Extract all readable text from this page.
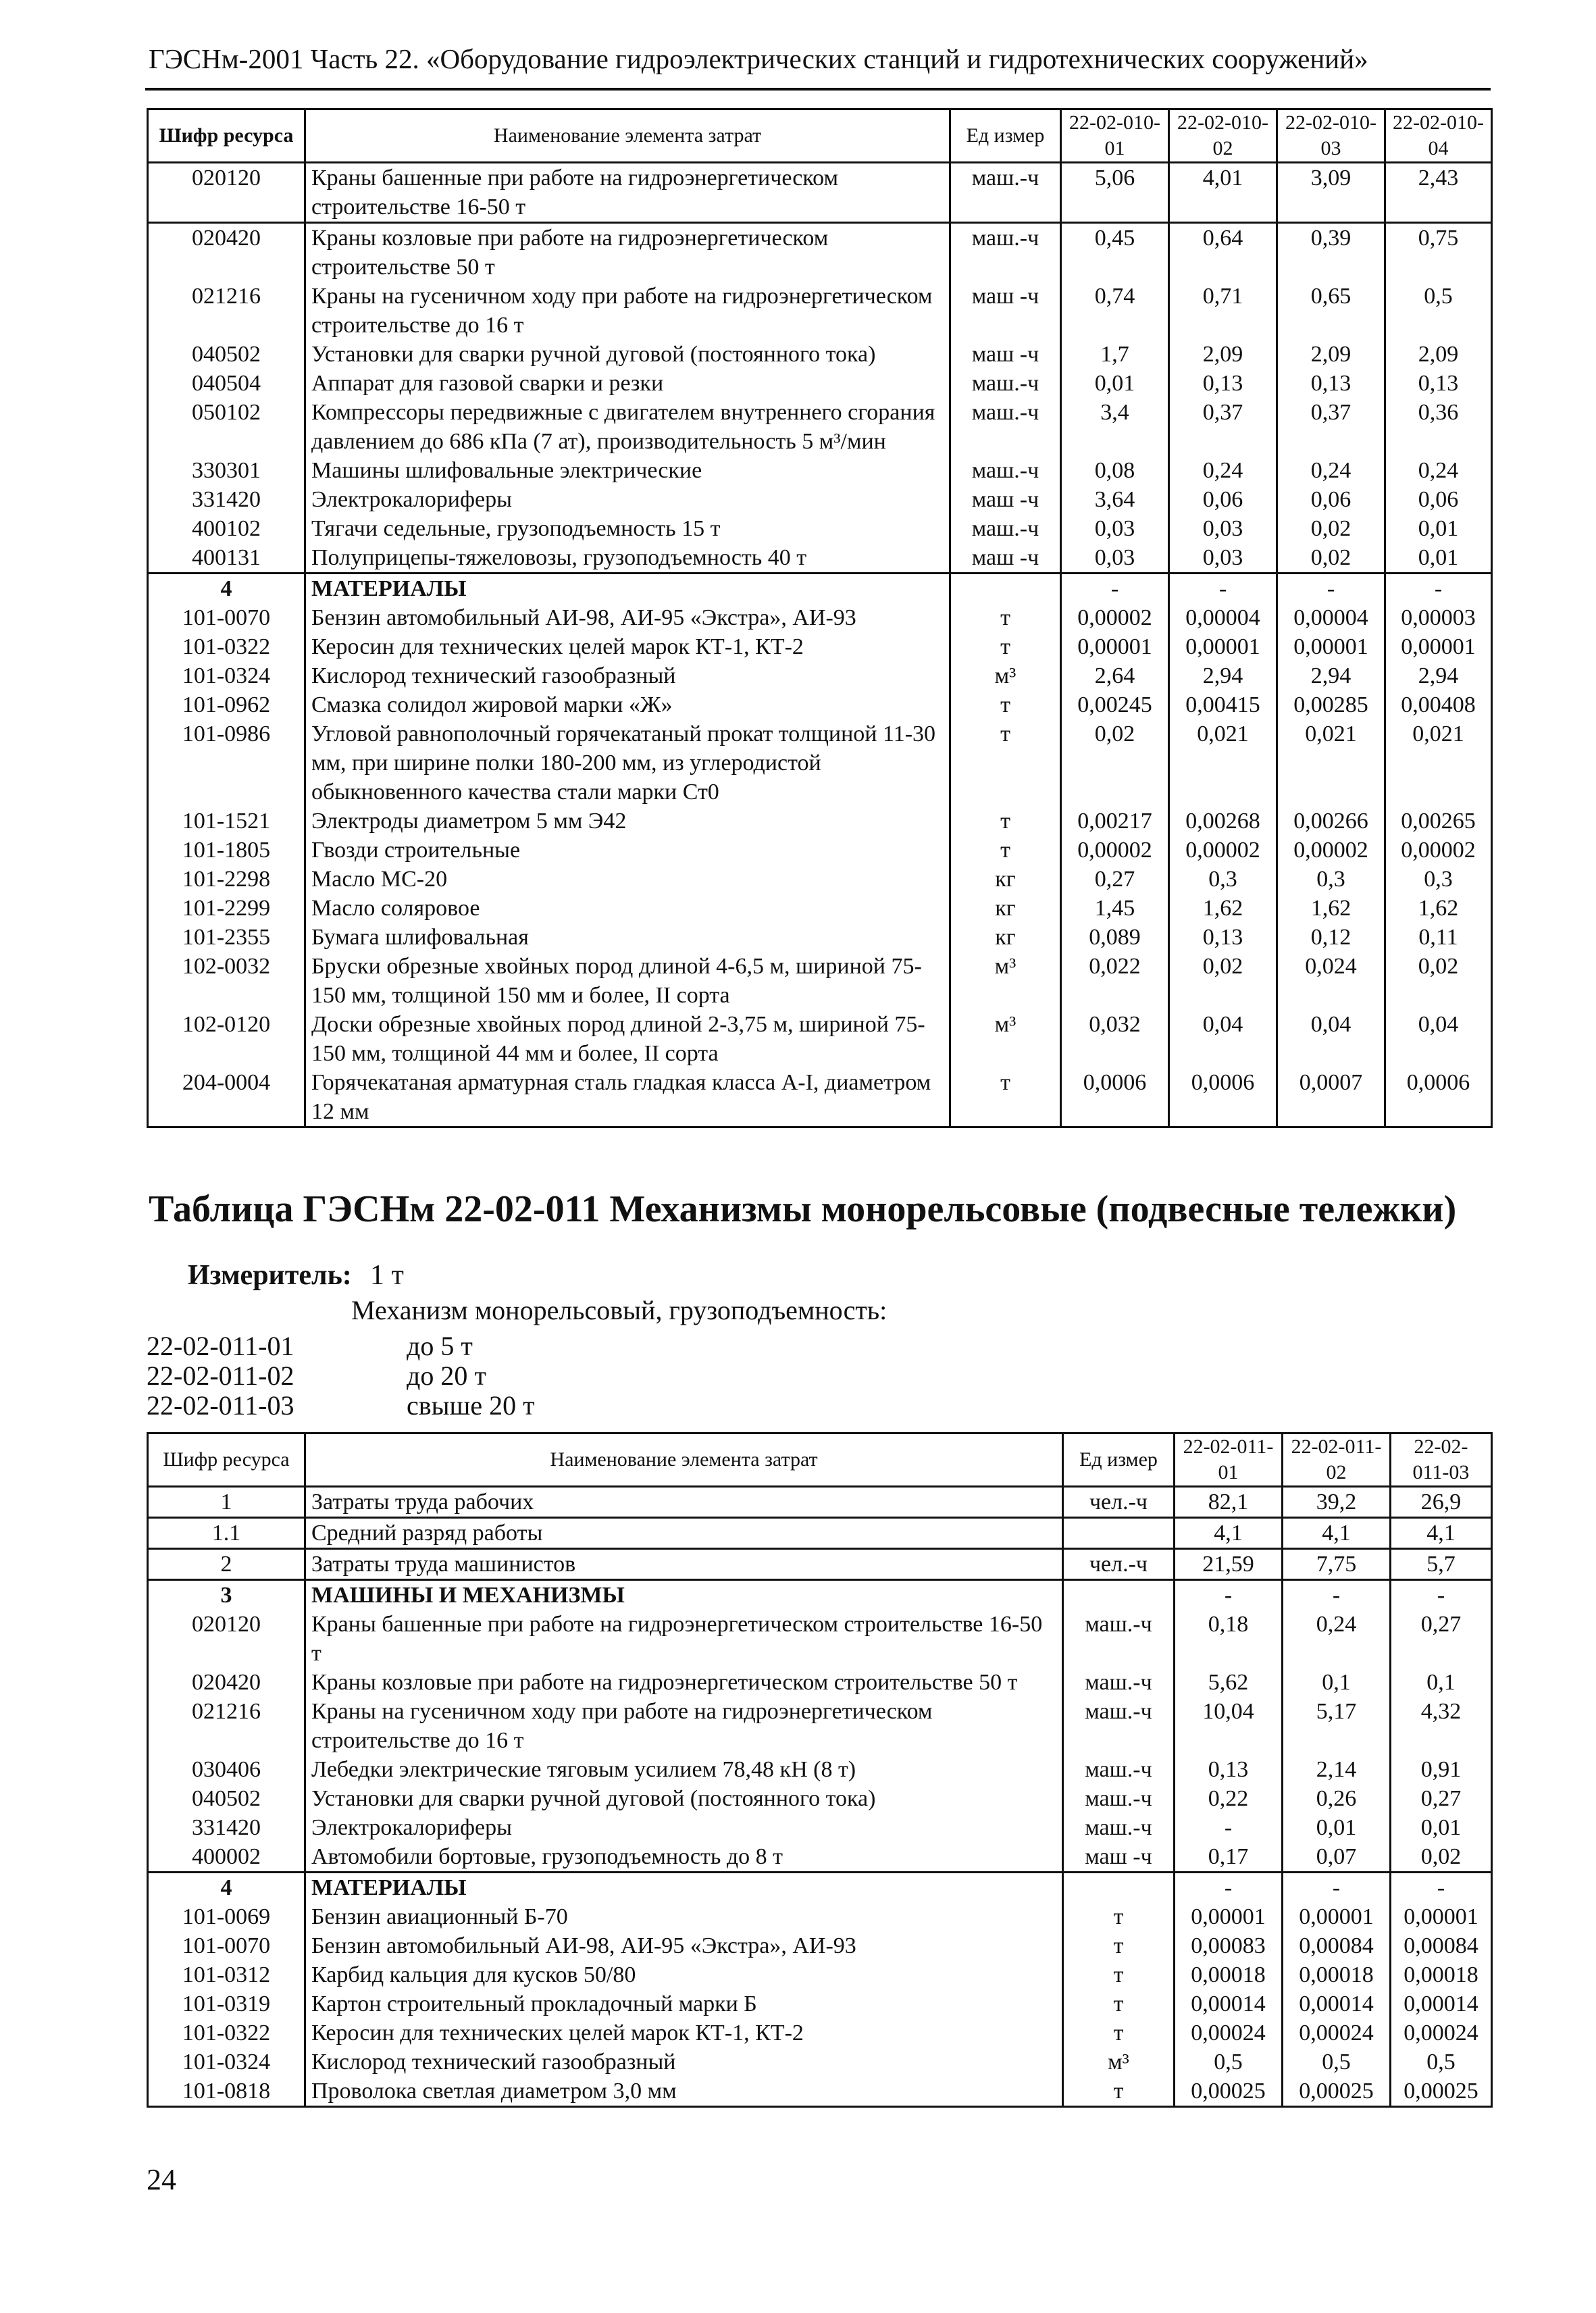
ГЭСНм-2001 Часть 22. «Оборудование гидроэлектрических станций и гидротехнических сооружений»
Шифр ресурса	Наименование элемента затрат	Ед измер	22-02-010-01	22-02-010-02	22-02-010-03	22-02-010-04
020120	Краны башенные при работе на гидроэнергетическом строительстве 16-50 т	маш.-ч	5,06	4,01	3,09	2,43
020420	Краны козловые при работе на гидроэнергетическом строительстве 50 т	маш.-ч	0,45	0,64	0,39	0,75
021216	Краны на гусеничном ходу при работе на гидроэнергетическом строительстве до 16 т	маш -ч	0,74	0,71	0,65	0,5
040502	Установки для сварки ручной дуговой (постоянного тока)	маш -ч	1,7	2,09	2,09	2,09
040504	Аппарат для газовой сварки и резки	маш.-ч	0,01	0,13	0,13	0,13
050102	Компрессоры передвижные с двигателем внутреннего сгорания давлением до 686 кПа (7 ат), производительность 5 м³/мин	маш.-ч	3,4	0,37	0,37	0,36
330301	Машины шлифовальные электрические	маш.-ч	0,08	0,24	0,24	0,24
331420	Электрокалориферы	маш -ч	3,64	0,06	0,06	0,06
400102	Тягачи седельные, грузоподъемность 15 т	маш.-ч	0,03	0,03	0,02	0,01
400131	Полуприцепы-тяжеловозы, грузоподъемность 40 т	маш -ч	0,03	0,03	0,02	0,01
4	МАТЕРИАЛЫ		-	-	-	-
101-0070	Бензин автомобильный АИ-98, АИ-95 «Экстра», АИ-93	т	0,00002	0,00004	0,00004	0,00003
101-0322	Керосин для технических целей марок КТ-1, КТ-2	т	0,00001	0,00001	0,00001	0,00001
101-0324	Кислород технический газообразный	м³	2,64	2,94	2,94	2,94
101-0962	Смазка солидол жировой марки «Ж»	т	0,00245	0,00415	0,00285	0,00408
101-0986	Угловой равнополочный горячекатаный прокат толщиной 11-30 мм, при ширине полки 180-200 мм, из углеродистой обыкновенного качества стали марки Ст0	т	0,02	0,021	0,021	0,021
101-1521	Электроды диаметром 5 мм Э42	т	0,00217	0,00268	0,00266	0,00265
101-1805	Гвозди строительные	т	0,00002	0,00002	0,00002	0,00002
101-2298	Масло МС-20	кг	0,27	0,3	0,3	0,3
101-2299	Масло соляровое	кг	1,45	1,62	1,62	1,62
101-2355	Бумага шлифовальная	кг	0,089	0,13	0,12	0,11
102-0032	Бруски обрезные хвойных пород длиной 4-6,5 м, шириной 75-150 мм, толщиной 150 мм и более, II сорта	м³	0,022	0,02	0,024	0,02
102-0120	Доски обрезные хвойных пород длиной 2-3,75 м, шириной 75-150 мм, толщиной 44 мм и более, II сорта	м³	0,032	0,04	0,04	0,04
204-0004	Горячекатаная арматурная сталь гладкая класса А-I, диаметром 12 мм	т	0,0006	0,0006	0,0007	0,0006
Таблица ГЭСНм 22-02-011 Механизмы монорельсовые (подвесные тележки)
Измеритель: 1 т
Механизм монорельсовый, грузоподъемность:
22-02-011-01	до 5 т
22-02-011-02	до 20 т
22-02-011-03	свыше 20 т
Шифр ресурса	Наименование элемента затрат	Ед измер	22-02-011-01	22-02-011-02	22-02-011-03
1	Затраты труда рабочих	чел.-ч	82,1	39,2	26,9
1.1	Средний разряд работы		4,1	4,1	4,1
2	Затраты труда машинистов	чел.-ч	21,59	7,75	5,7
3	МАШИНЫ И МЕХАНИЗМЫ		-	-	-
020120	Краны башенные при работе на гидроэнергетическом строительстве 16-50 т	маш.-ч	0,18	0,24	0,27
020420	Краны козловые при работе на гидроэнергетическом строительстве 50 т	маш.-ч	5,62	0,1	0,1
021216	Краны на гусеничном ходу при работе на гидроэнергетическом строительстве до 16 т	маш.-ч	10,04	5,17	4,32
030406	Лебедки электрические тяговым усилием 78,48 кН (8 т)	маш.-ч	0,13	2,14	0,91
040502	Установки для сварки ручной дуговой (постоянного тока)	маш.-ч	0,22	0,26	0,27
331420	Электрокалориферы	маш.-ч	-	0,01	0,01
400002	Автомобили бортовые, грузоподъемность до 8 т	маш -ч	0,17	0,07	0,02
4	МАТЕРИАЛЫ		-	-	-
101-0069	Бензин авиационный Б-70	т	0,00001	0,00001	0,00001
101-0070	Бензин автомобильный АИ-98, АИ-95 «Экстра», АИ-93	т	0,00083	0,00084	0,00084
101-0312	Карбид кальция для кусков 50/80	т	0,00018	0,00018	0,00018
101-0319	Картон строительный прокладочный марки Б	т	0,00014	0,00014	0,00014
101-0322	Керосин для технических целей марок КТ-1, КТ-2	т	0,00024	0,00024	0,00024
101-0324	Кислород технический газообразный	м³	0,5	0,5	0,5
101-0818	Проволока светлая диаметром 3,0 мм	т	0,00025	0,00025	0,00025
24
